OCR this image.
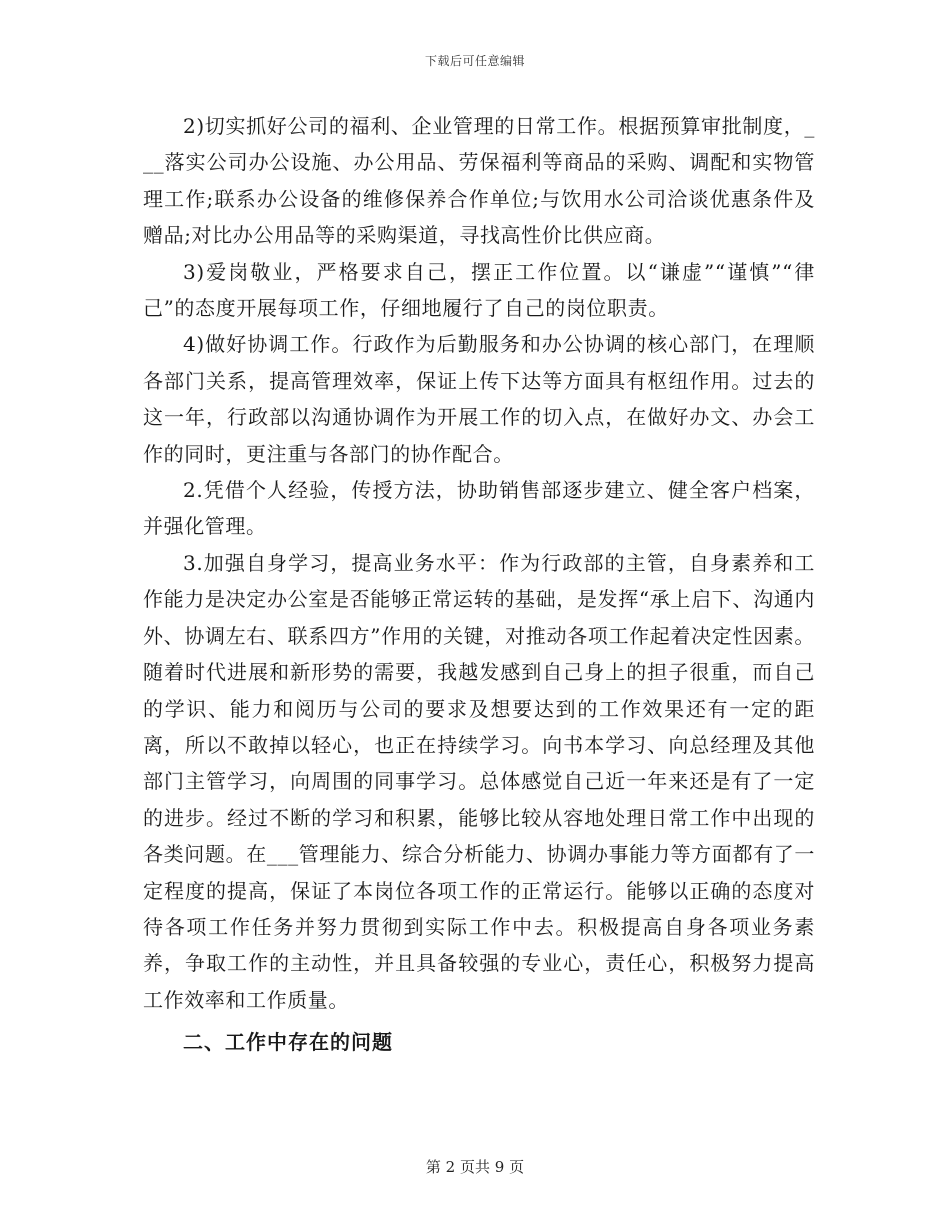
下载后可任意编辑

2)切实抓好公司的福利、企业管理的日常工作。根据预算审批制度，___落实公司办公设施、办公用品、劳保福利等商品的采购、调配和实物管理工作;联系办公设备的维修保养合作单位;与饮用水公司洽谈优惠条件及赠品;对比办公用品等的采购渠道，寻找高性价比供应商。

3)爱岗敬业，严格要求自己，摆正工作位置。以“谦虚”“谨慎”“律己”的态度开展每项工作，仔细地履行了自己的岗位职责。

4)做好协调工作。行政作为后勤服务和办公协调的核心部门，在理顺各部门关系，提高管理效率，保证上传下达等方面具有枢纽作用。过去的这一年，行政部以沟通协调作为开展工作的切入点，在做好办文、办会工作的同时，更注重与各部门的协作配合。

2.凭借个人经验，传授方法，协助销售部逐步建立、健全客户档案，并强化管理。

3.加强自身学习，提高业务水平：作为行政部的主管，自身素养和工作能力是决定办公室是否能够正常运转的基础，是发挥“承上启下、沟通内外、协调左右、联系四方”作用的关键，对推动各项工作起着决定性因素。随着时代进展和新形势的需要，我越发感到自己身上的担子很重，而自己的学识、能力和阅历与公司的要求及想要达到的工作效果还有一定的距离，所以不敢掉以轻心，也正在持续学习。向书本学习、向总经理及其他部门主管学习，向周围的同事学习。总体感觉自己近一年来还是有了一定的进步。经过不断的学习和积累，能够比较从容地处理日常工作中出现的各类问题。在___管理能力、综合分析能力、协调办事能力等方面都有了一定程度的提高，保证了本岗位各项工作的正常运行。能够以正确的态度对待各项工作任务并努力贯彻到实际工作中去。积极提高自身各项业务素养，争取工作的主动性，并且具备较强的专业心，责任心，积极努力提高工作效率和工作质量。

二、工作中存在的问题

第 2 页共 9 页
